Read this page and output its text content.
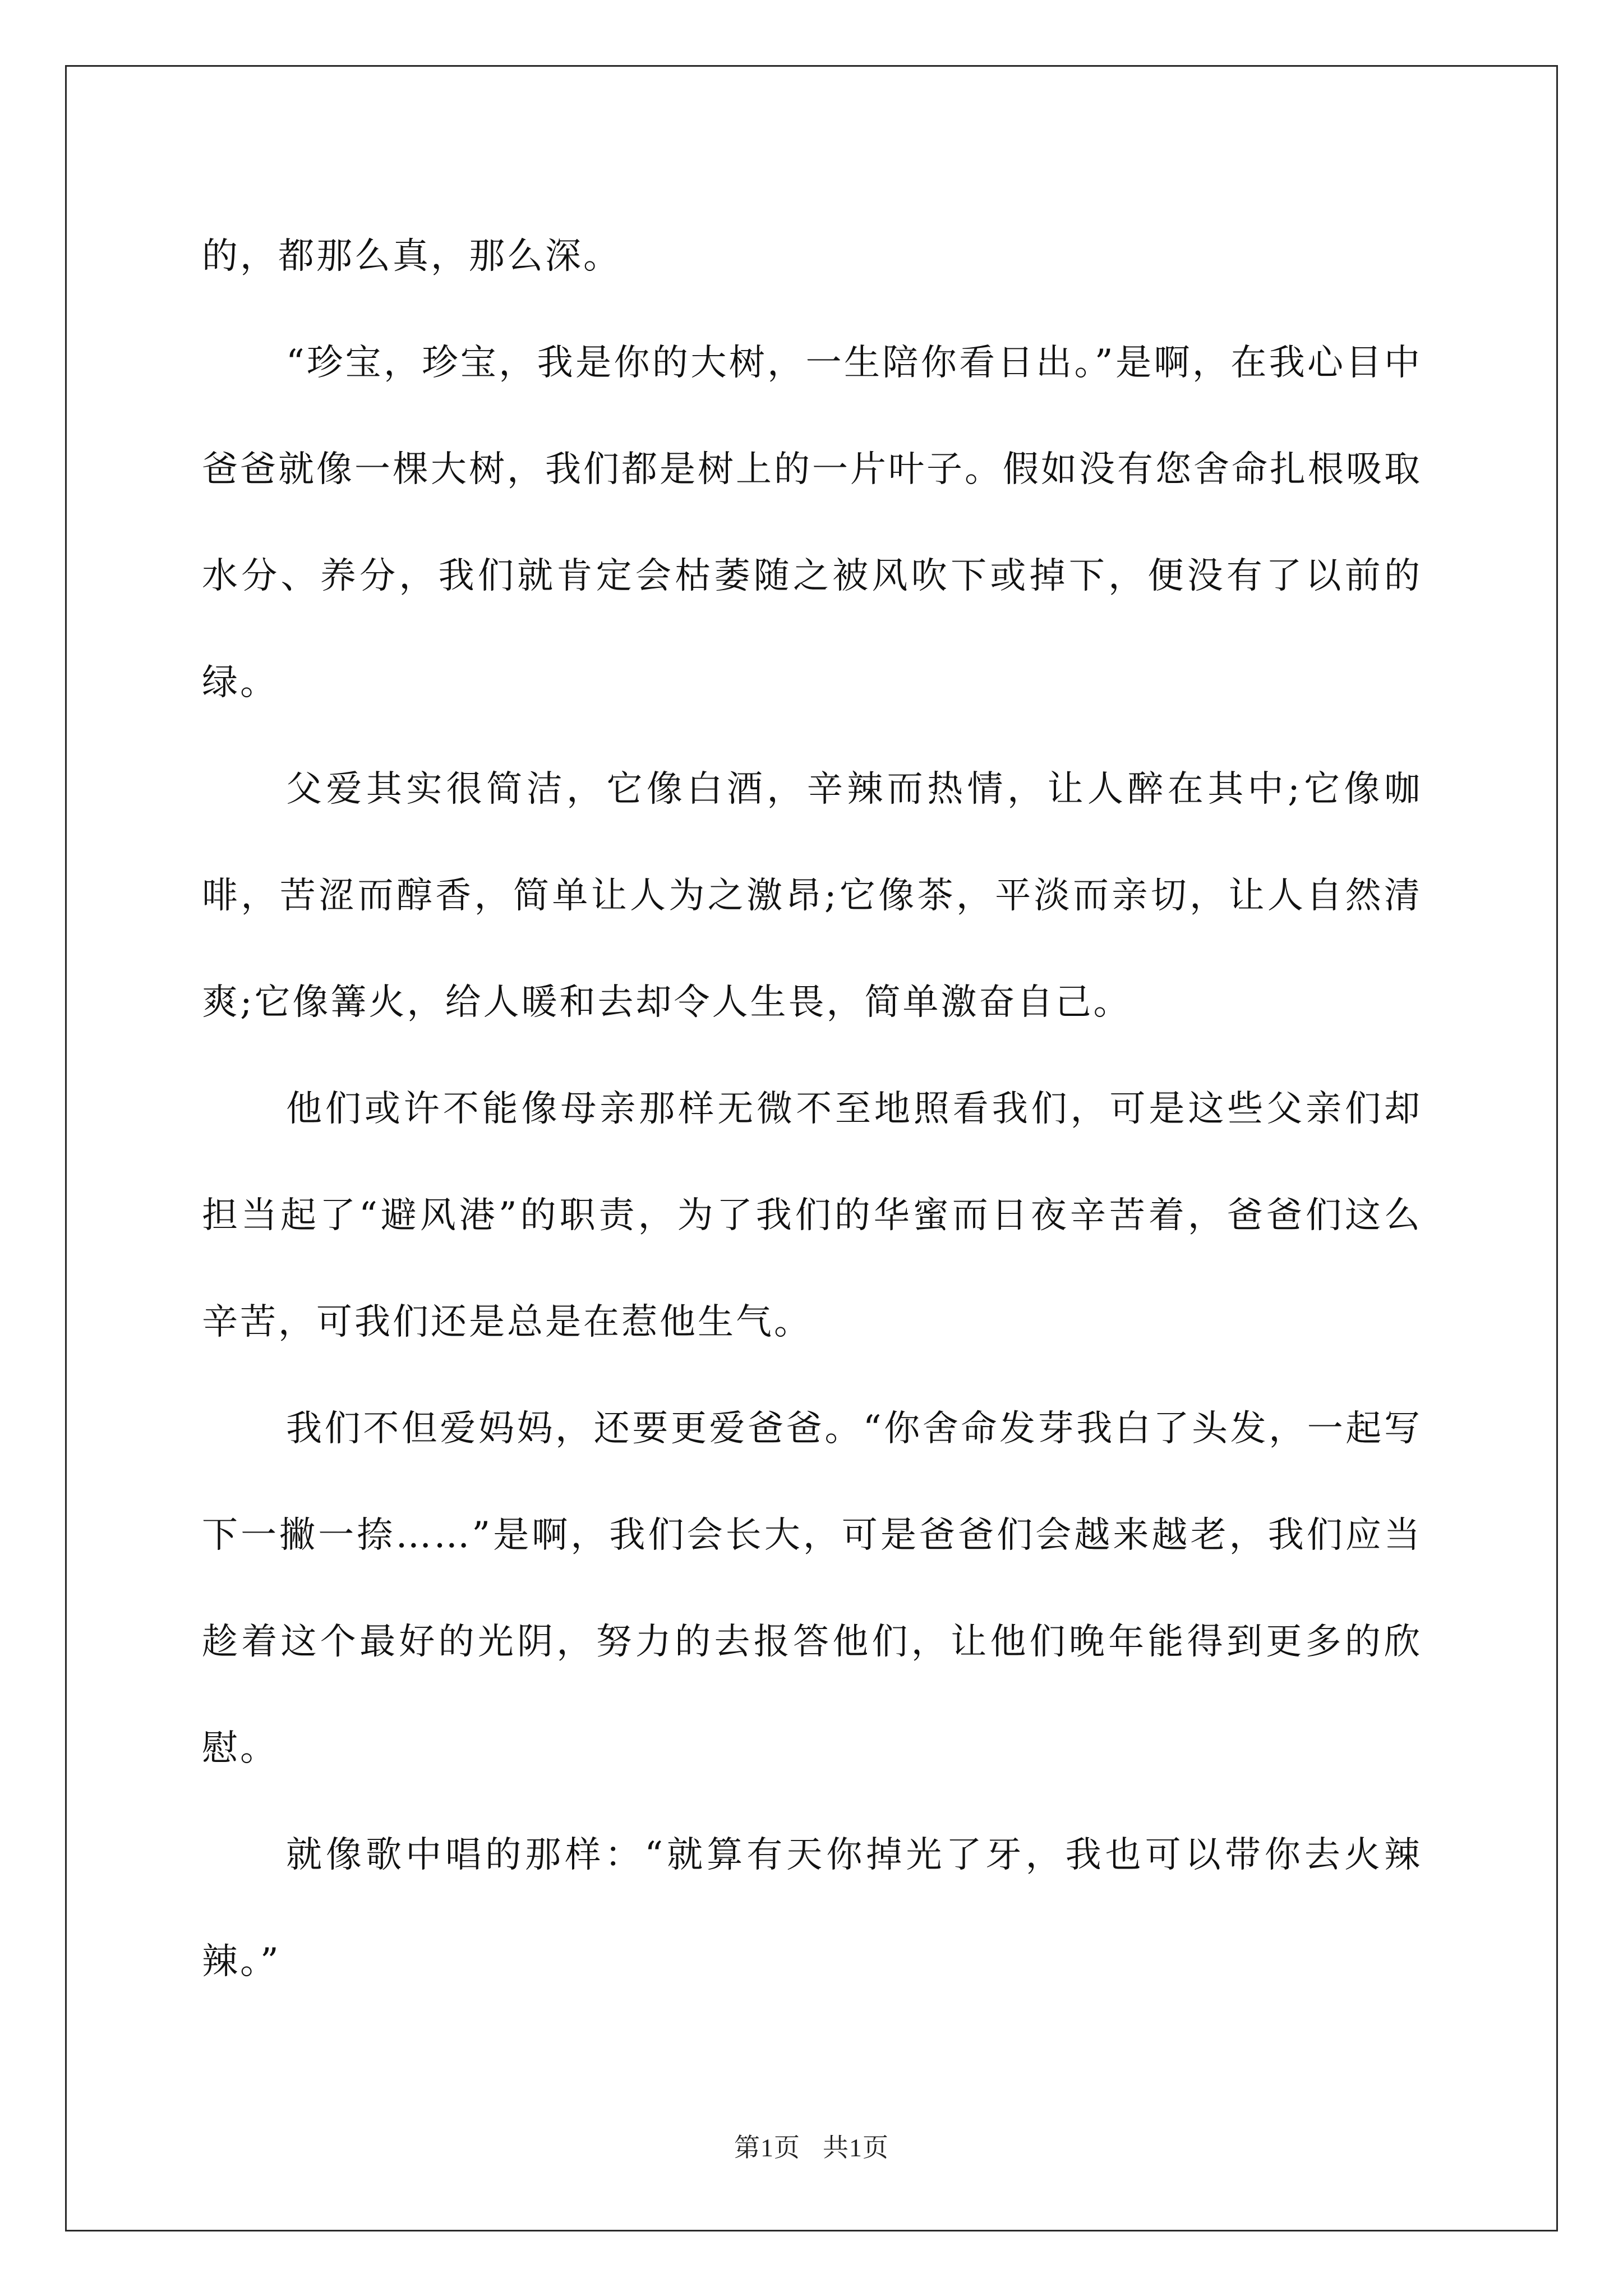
的，都那么真，那么深。

“珍宝，珍宝，我是你的大树，一生陪你看日出。”是啊，在我心目中爸爸就像一棵大树，我们都是树上的一片叶子。假如没有您舍命扎根吸取水分、养分，我们就肯定会枯萎随之被风吹下或掉下，便没有了以前的绿。

父爱其实很简洁，它像白酒，辛辣而热情，让人醉在其中;它像咖啡，苦涩而醇香，简单让人为之激昂;它像茶，平淡而亲切，让人自然清爽;它像篝火，给人暖和去却令人生畏，简单激奋自己。

他们或许不能像母亲那样无微不至地照看我们，可是这些父亲们却担当起了“避风港”的职责，为了我们的华蜜而日夜辛苦着，爸爸们这么辛苦，可我们还是总是在惹他生气。

我们不但爱妈妈，还要更爱爸爸。“你舍命发芽我白了头发，一起写下一撇一捺……”是啊，我们会长大，可是爸爸们会越来越老，我们应当趁着这个最好的光阴，努力的去报答他们，让他们晚年能得到更多的欣慰。

就像歌中唱的那样：“就算有天你掉光了牙，我也可以带你去火辣辣。”

第1页 共1页
